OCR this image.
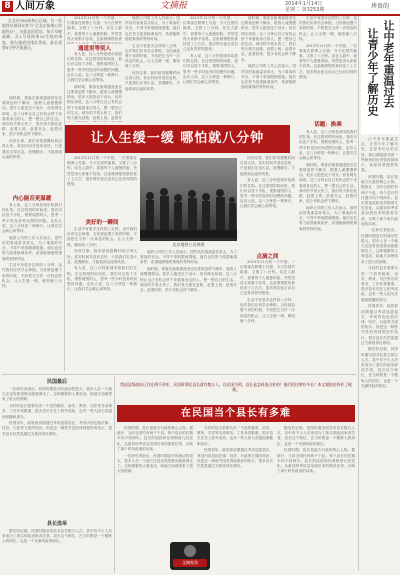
8 人间万象	文摘报	2014年1月14日
星期二 第3253期	珍贵的

在北京CBD的核心区域，有一处地铁站被网友称为"全北京最堵心的地铁站"，这就是国贸站。每天早晚高峰，从1号线换乘10号线的乘客，要在通道里排队等候，最长需要8分钟才能通过。

那时候，乘客在换乘通道里往往要被迫停下脚步，跟着人流慢慢移动。很多人抱怨这个设计。但有网友却说，这八分钟让自己有机会停下来看看身边的人，想一想自己的生活。城市的节奏太快了，我们每天都在赶路，赶着上班，赶着开会，赶着回家，很少有机会停下脚步。

回首往事，我们常常感慨时间过得太快。其实时间并没有变快，只是我们走得太急。放慢脚步，才能看到沿途的风景。

内心能否更温暖

有人说，这八分钟是城市给我们的礼物。在这短短的时间里，我们可以放下手机，观察周围的人，思考一些平时没有时间想的问题。也有人说，这八分钟是一种修行，让我们学会耐心和等待。

地铁公司的工作人员表示，国贸站的客流量非常大，为了乘客的安全，不得不采取限流措施。他们也在努力改善换乘条件，希望能够缩短乘客的等待时间。

生活中有很多这样的八分钟，也许我们应该学会珍惜。当你被迫慢下来的时候，不妨把它当作一次休息的机会。让人生缓一缓，哪怕就八分钟。

2013年11月的一个早晨，一位乘客在微博上写道：今天在国贸换乘，又排了八分钟。站在人群中，看着每个人疲惫的脸，突然觉得大家都不容易。这条微博很快被

通道里等别人

有人说，这八分钟是城市给我们的礼物。在这短短的时间里，我们可以放下手机，观察周围的人，思考一些平时没有时间想的问题。也有人说，这八分钟是一种修行，让我们学会耐心和等待。

那时候，乘客在换乘通道里往往要被迫停下脚步，跟着人流慢慢移动。很多人抱怨这个设计。但有网友却说，这八分钟让自己有机会停下来看看身边的人，想一想自己的生活。城市的节奏太快了，我们每天都在赶路，赶着上班，赶着开

地铁公司的工作人员表示，国贸站的客流量非常大，为了乘客的安全，不得不采取限流措施。他们也在努力改善换乘条件，希望能够缩短乘客的等待时间。

生活中有很多这样的八分钟，也许我们应该学会珍惜。当你被迫慢下来的时候，不妨把它当作一次休息的机会。让人生缓一缓，哪怕就八分钟。

回首往事，我们常常感慨时间过得太快。其实时间并没有变快，只是我们走得太急。放慢脚步，才能看到沿途的风景。

2013年11月的一个早晨，一位乘客在微博上写道：今天在国贸换乘，又排了八分钟。站在人群中，看着每个人疲惫的脸，突然觉得大家都不容易。这条微博很快被转发了上万次，很多网友留言说自己也有同样的感受。

有人说，这八分钟是城市给我们的礼物。在这短短的时间里，我们可以放下手机，观察周围的人，思考一些平时没有时间想的问题。也有人说，这八分钟是一种修行，让我们学会耐心和等待。

那时候，乘客在换乘通道里往往要被迫停下脚步，跟着人流慢慢移动。很多人抱怨这个设计。但有网友却说，这八分钟让自己有机会停下来看看身边的人，想一想自己的生活。城市的节奏太快了，我们每天都在赶路，赶着上班，赶着开会，赶着回家，很少有机会停下脚步。

地铁公司的工作人员表示，国贸站的客流量非常大，为了乘客的安全，不得不采取限流措施。他们也在努力改善换乘条件，希望能够缩短乘客的等待时间。

生活中有很多这样的八分钟，也许我们应该学会珍惜。当你被迫慢下来的时候，不妨把它当作一次休息的机会。让人生缓一缓，哪怕就八分钟。

2013年11月的一个早晨，一位乘客在微博上写道：今天在国贸换乘，又排了八分钟。站在人群中，看着每个人疲惫的脸，突然觉得大家都不容易。这条微博很快被转发了上万次，很多网友留言说自己也有同样的感受。

话题：换乘
让人生缓一缓 哪怕就八分钟

2013年11月的一个早晨，一位乘客在微博上写道：今天在国贸换乘，又排了八分钟。站在人群中，看着每个人疲惫的脸，突然觉得大家都不容易。这条微博很快被转发了上万次，很多网友留言说自己也有同样的感受。

美好的一瞬间

生活中有很多这样的八分钟，也许我们应该学会珍惜。当你被迫慢下来的时候，不妨把它当作一次休息的机会。让人生缓一缓，哪怕就八分钟。

回首往事，我们常常感慨时间过得太快。其实时间并没有变快，只是我们走得太急。放慢脚步，才能看到沿途的风景。

有人说，这八分钟是城市给我们的礼物。在这短短的时间里，我们可以放下手机，观察周围的人，思考一些平时没有时间想的问题。也有人说，这八分钟是一种修行，让我们学会耐心和等待。

北京地铁公司供图

地铁公司的工作人员表示，国贸站的客流量非常大，为了乘客的安全，不得不采取限流措施。他们也在努力改善换乘条件，希望能够缩短乘客的等待时间。

那时候，乘客在换乘通道里往往要被迫停下脚步，跟着人流慢慢移动。很多人抱怨这个设计。但有网友却说，这八分钟让自己有机会停下来看看身边的人，想一想自己的生活。城市的节奏太快了，我们每天都在赶路，赶着上班，赶着开会，赶着回家，很少有机会停下脚步。

回首往事，我们常常感慨时间过得太快。其实时间并没有变快，只是我们走得太急。放慢脚步，才能看到沿途的风景。

有人说，这八分钟是城市给我们的礼物。在这短短的时间里，我们可以放下手机，观察周围的人，思考一些平时没有时间想的问题。也有人说，这八分钟是一种修行，让我们学会耐心和等待。

点滴之间

2013年11月的一个早晨，一位乘客在微博上写道：今天在国贸换乘，又排了八分钟。站在人群中，看着每个人疲惫的脸，突然觉得大家都不容易。这条微博很快被转发了上万次，很多网友留言说自己也有同样的感受。

生活中有很多这样的八分钟，也许我们应该学会珍惜。当你被迫慢下来的时候，不妨把它当作一次休息的机会。让人生缓一缓，哪怕就八分钟。

有人说，这八分钟是城市给我们的礼物。在这短短的时间里，我们可以放下手机，观察周围的人，思考一些平时没有时间想的问题。也有人说，这八分钟是一种修行，让我们学会耐心和等待。

那时候，乘客在换乘通道里往往要被迫停下脚步，跟着人流慢慢移动。很多人抱怨这个设计。但有网友却说，这八分钟让自己有机会停下来看看身边的人，想一想自己的生活。城市的节奏太快了，我们每天都在赶路，赶着上班，赶着开会，赶着回家，很少有机会停下脚步。

地铁公司的工作人员表示，国贸站的客流量非常大，为了乘客的安全，不得不采取限流措施。他们也在努力改善换乘条件，希望能够缩短乘客的等待时间。

让中老年重温过去
让青少年了解历史

让中老年重温过去，让青少年了解历史。这是本栏目的宗旨。我们将陆续刊登一些珍贵的历史资料和图片，欢迎读者提供线索。

民国时期，县长是地方行政的核心人物。据统计，当时全国约有两千个县，每个县长的任期平均不到两年。县长的选拔和任命制度几经变化，从最初的考试录用到后来的推荐任命，反映了那个时代政治的动荡。

一位研究者指出，民国时期县长的流动性很大，很多人在一个地方还没有熟悉情况就被调走了。这种频繁的人事变动，给地方治理带来了很大的困难。

当时的县长需要负责一个县的税收、治安、教育、司法等各项事务，工作非常繁重。很多县长在任上积劳成疾，也有一些人因为贪腐而被撤职查办。

民国初年，政府曾试图通过考试选拔县长，考试内容包括法律、经济、行政等方面的知识。但是这一制度并没有得到很好的执行，很多县长仍然是通过关系获得任命的。

据史料记载，民国时期全国共有县长数万人次，其中有不少人后来成为了著名的政治家或学者。县长这个职位，在当时既是一个锻炼人的岗位，也是一个充满风险的职位。

民国最后

一位研究者指出，民国时期县长的流动性很大，很多人在一个地方还没有熟悉情况就被调走了。这种频繁的人事变动，给地方治理带来了很大的困难。

当时的县长需要负责一个县的税收、治安、教育、司法等各项事务，工作非常繁重。很多县长在任上积劳成疾，也有一些人因为贪腐而被撤职查办。

民国初年，政府曾试图通过考试选拔县长，考试内容包括法律、经济、行政等方面的知识。但是这一制度并没有得到很好的执行，很多县长仍然是通过关系获得任命的。

县长选举

据史料记载，民国时期全国共有县长数万人次，其中有不少人后来成为了著名的政治家或学者。县长这个职位，在当时既是一个锻炼人的岗位，也是一个充满风险的职位。

我国县级政府已存在两千余年，民国时期仅县长就有数万人。以民国为例，县长是怎样选出来的？他们的任期有多长？本文根据史料作了梳理。
在民国当个县长有多难

民国时期，县长是地方行政的核心人物。据统计，当时全国约有两千个县，每个县长的任期平均不到两年。县长的选拔和任命制度几经变化，从最初的考试录用到后来的推荐任命，反映了那个时代政治的动荡。

一位研究者指出，民国时期县长的流动性很大，很多人在一个地方还没有熟悉情况就被调走了。这种频繁的人事变动，给地方治理带来了很大的困难。

当时的县长需要负责一个县的税收、治安、教育、司法等各项事务，工作非常繁重。很多县长在任上积劳成疾，也有一些人因为贪腐而被撤职查办。

民国初年，政府曾试图通过考试选拔县长，考试内容包括法律、经济、行政等方面的知识。但是这一制度并没有得到很好的执行，很多县长仍然是通过关系获得任命的。

据史料记载，民国时期全国共有县长数万人次，其中有不少人后来成为了著名的政治家或学者。县长这个职位，在当时既是一个锻炼人的岗位，也是一个充满风险的职位。

民国时期，县长是地方行政的核心人物。据统计，当时全国约有两千个县，每个县长的任期平均不到两年。县长的选拔和任命制度几经变化，从最初的考试录用到后来的推荐任命，反映了那个时代政治的动荡。

文摘视角
